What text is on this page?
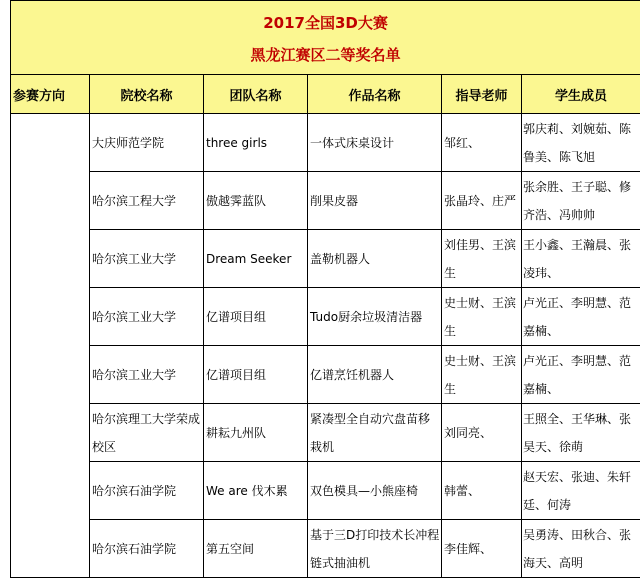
2017全国3D大赛
黑龙江赛区二等奖名单					

参赛方向	院校名称	团队名称	作品名称	指导老师	学生成员
	大庆师范学院	three girls	一体式床桌设计	邹红、	郭庆莉、刘婉茹、陈鲁美、陈飞旭
	哈尔滨工程大学	傲越霁蓝队	削果皮器	张晶玲、庄严	张余胜、王子聪、修齐浩、冯帅帅
	哈尔滨工业大学	Dream Seeker	盖勒机器人	刘佳男、王滨生	王小鑫、王瀚晨、张凌玮、
	哈尔滨工业大学	亿谱项目组	Tudo厨余垃圾清洁器	史士财、王滨生	卢光正、李明慧、范嘉楠、
	哈尔滨工业大学	亿谱项目组	亿谱烹饪机器人	史士财、王滨生	卢光正、李明慧、范嘉楠、
	哈尔滨理工大学荣成校区	耕耘九州队	紧凑型全自动穴盘苗移栽机	刘同亮、	王照全、王华琳、张昊天、徐萌
	哈尔滨石油学院	We are 伐木累	双色模具—小熊座椅	韩蕾、	赵天宏、张迪、朱轩廷、何涛
	哈尔滨石油学院	第五空间	基于三D打印技术长冲程链式抽油机	李佳辉、	吴勇涛、田秋合、张海天、高明
